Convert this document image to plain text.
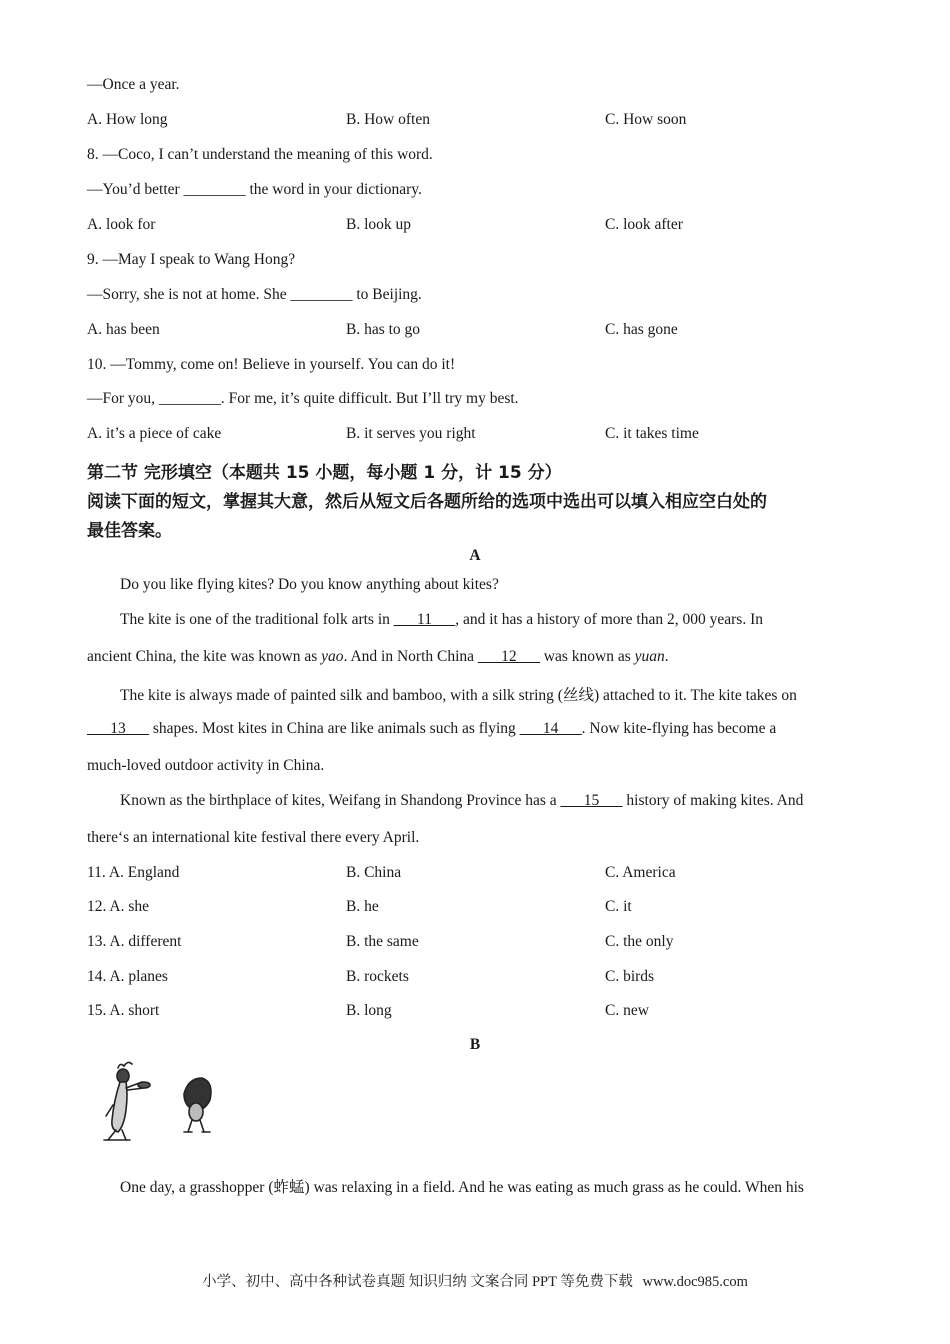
—Once a year.
A. How long	B. How often	C. How soon
8. —Coco, I can’t understand the meaning of this word.
—You’d better ________ the word in your dictionary.
A. look for	B. look up	C. look after
9. —May I speak to Wang Hong?
—Sorry, she is not at home. She ________ to Beijing.
A. has been	B. has to go	C. has gone
10. —Tommy, come on! Believe in yourself. You can do it!
—For you, ________. For me, it’s quite difficult. But I’ll try my best.
A. it’s a piece of cake	B. it serves you right	C. it takes time
第二节 完形填空（本题共 15 小题，每小题 1 分，计 15 分）
阅读下面的短文，掌握其大意，然后从短文后各题所给的选项中选出可以填入相应空白处的
最佳答案。
A
Do you like flying kites? Do you know anything about kites?
The kite is one of the traditional folk arts in ___11___, and it has a history of more than 2, 000 years. In
ancient China, the kite was known as yao. And in North China ___12___ was known as yuan.
The kite is always made of painted silk and bamboo, with a silk string (丝线) attached to it. The kite takes on
___13___ shapes. Most kites in China are like animals such as flying ___14___. Now kite-flying has become a
much-loved outdoor activity in China.
Known as the birthplace of kites, Weifang in Shandong Province has a ___15___ history of making kites. And
there‘s an international kite festival there every April.
11. A. England	B. China	C. America
12. A. she	B. he	C. it
13. A. different	B. the same	C. the only
14. A. planes	B. rockets	C. birds
15. A. short	B. long	C. new
B
One day, a grasshopper (蚱蜢) was relaxing in a field. And he was eating as much grass as he could. When his
小学、初中、高中各种试卷真题 知识归纳 文案合同 PPT 等免费下载 www.doc985.com
